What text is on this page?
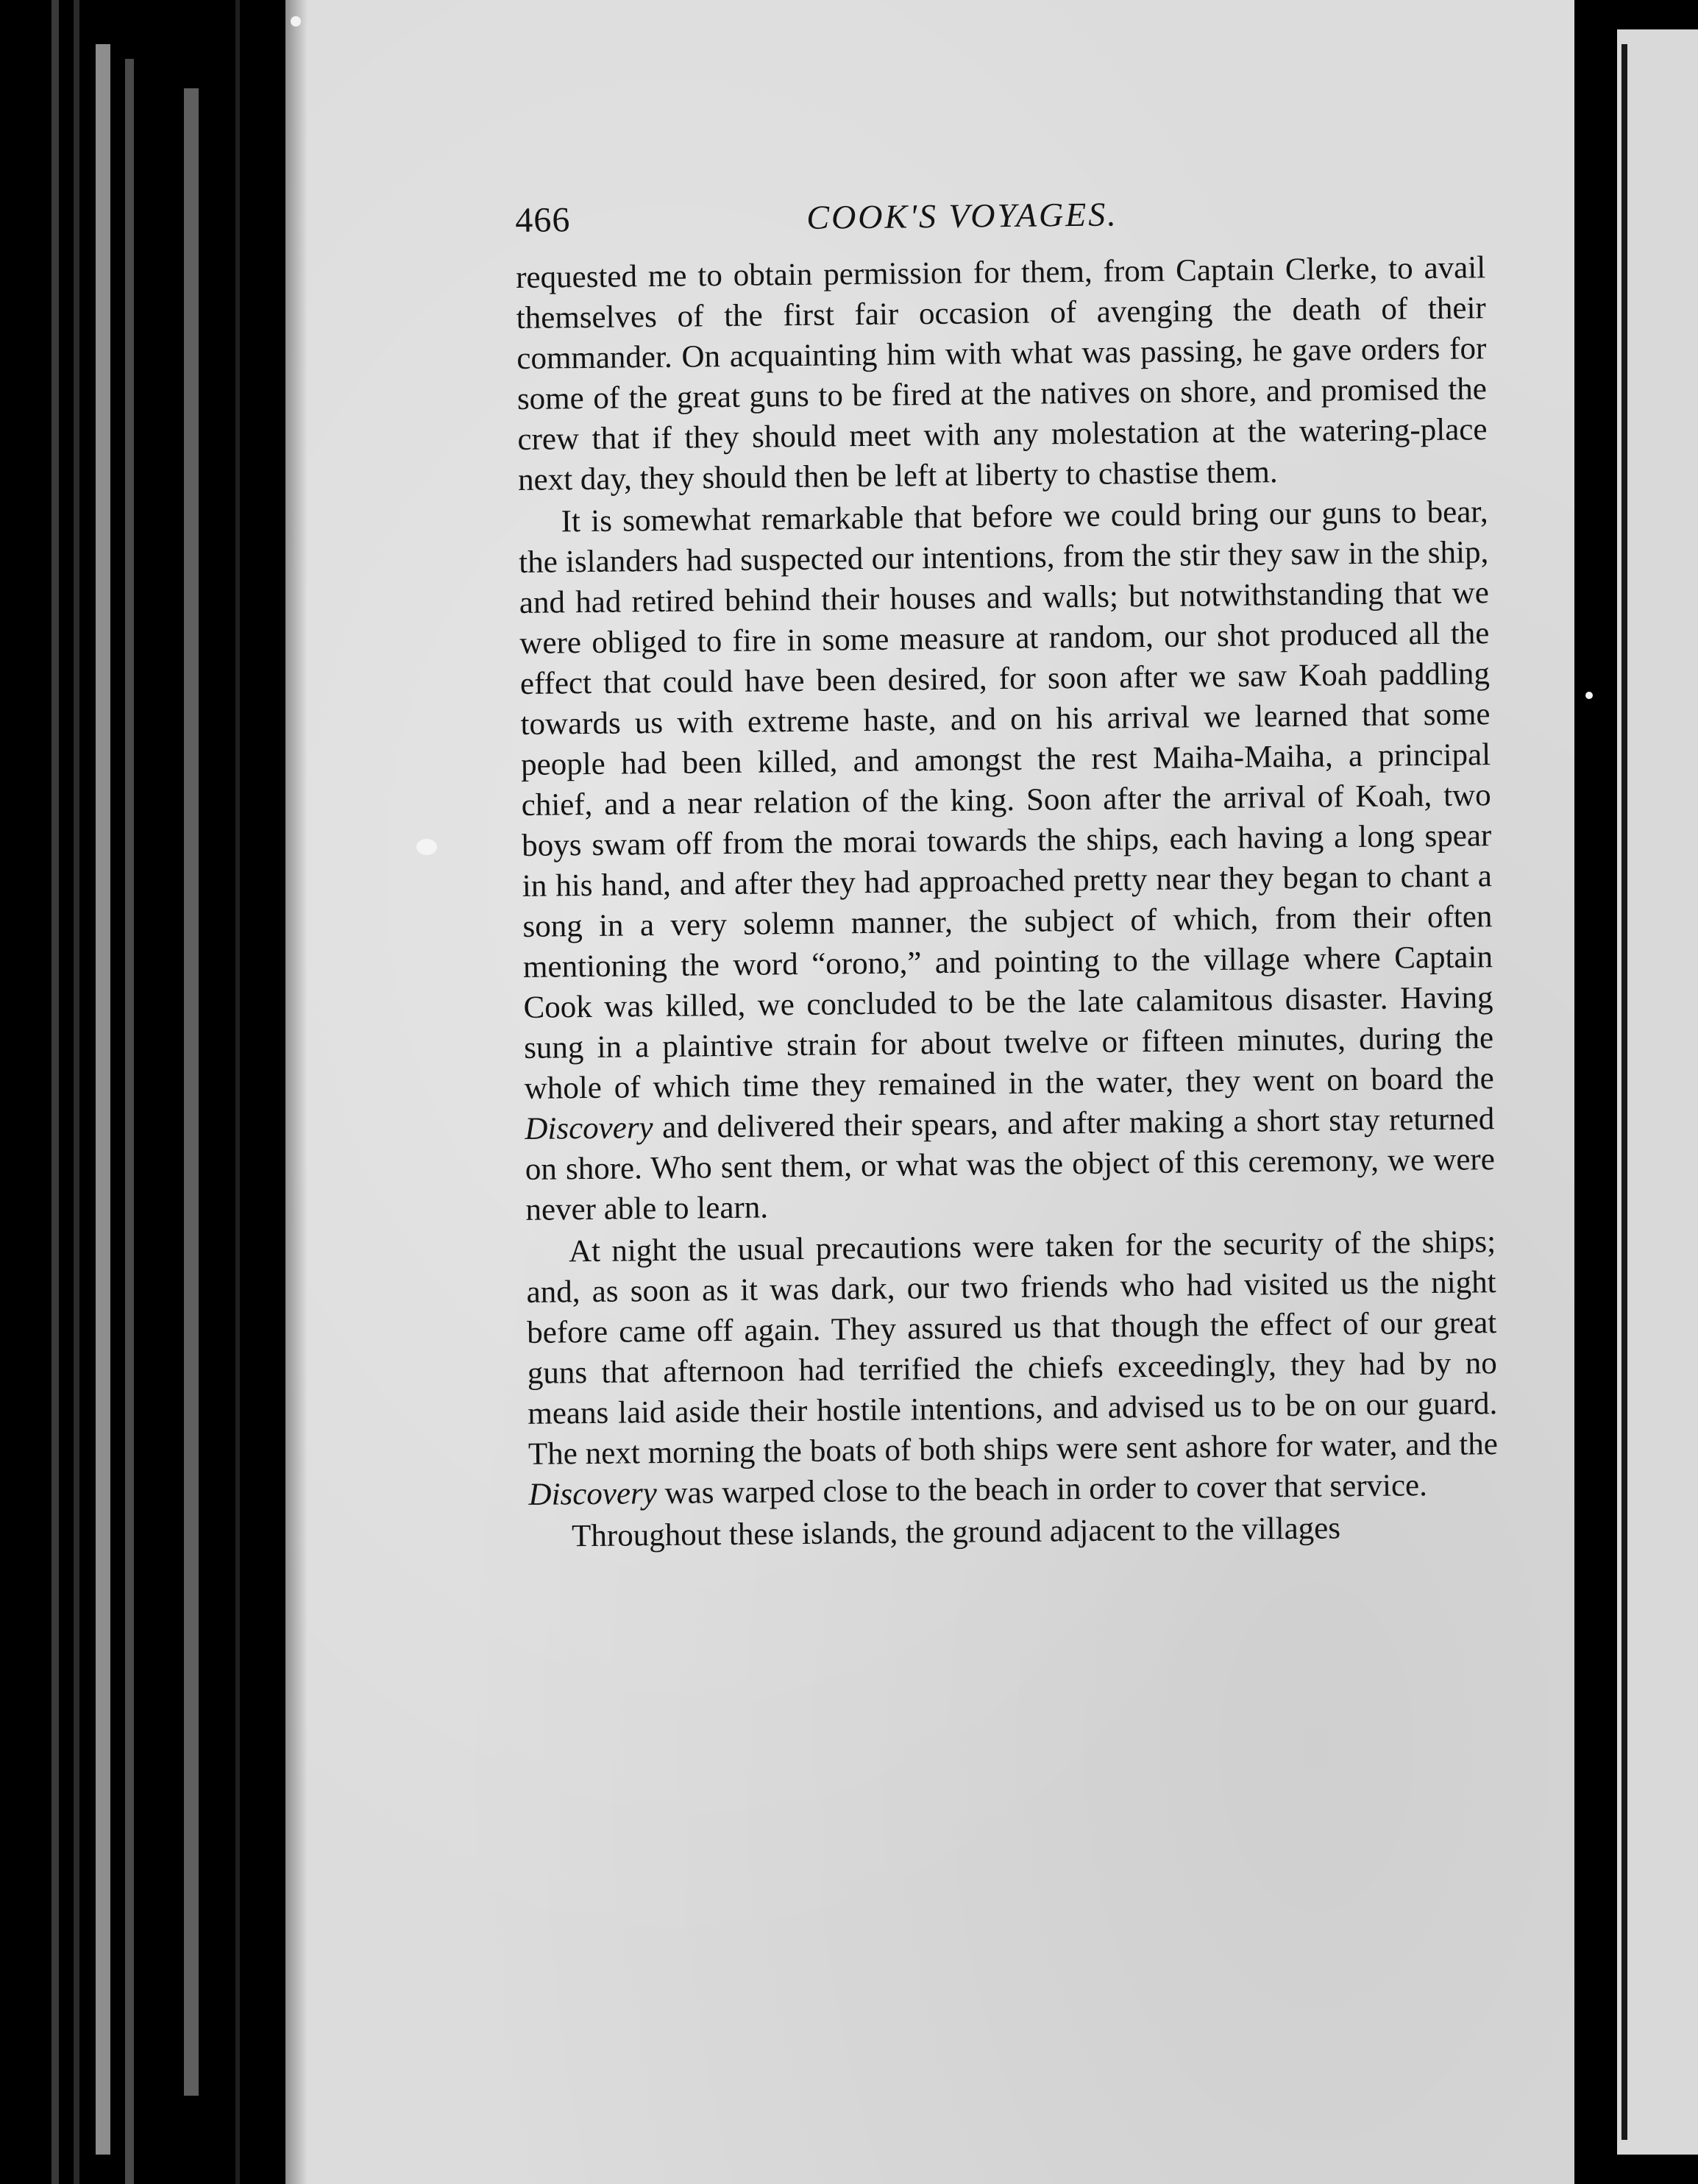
466	COOK'S VOYAGES.

requested me to obtain permission for them, from Captain Clerke, to avail themselves of the first fair occasion of avenging the death of their commander. On acquainting him with what was passing, he gave orders for some of the great guns to be fired at the natives on shore, and promised the crew that if they should meet with any molestation at the watering-place next day, they should then be left at liberty to chastise them.

It is somewhat remarkable that before we could bring our guns to bear, the islanders had suspected our intentions, from the stir they saw in the ship, and had retired behind their houses and walls; but notwithstanding that we were obliged to fire in some measure at random, our shot produced all the effect that could have been desired, for soon after we saw Koah paddling towards us with extreme haste, and on his arrival we learned that some people had been killed, and amongst the rest Maiha-Maiha, a principal chief, and a near relation of the king. Soon after the arrival of Koah, two boys swam off from the morai towards the ships, each having a long spear in his hand, and after they had approached pretty near they began to chant a song in a very solemn manner, the subject of which, from their often mentioning the word “orono,” and pointing to the village where Captain Cook was killed, we concluded to be the late calamitous disaster. Having sung in a plaintive strain for about twelve or fifteen minutes, during the whole of which time they remained in the water, they went on board the Discovery and delivered their spears, and after making a short stay returned on shore. Who sent them, or what was the object of this ceremony, we were never able to learn.

At night the usual precautions were taken for the security of the ships; and, as soon as it was dark, our two friends who had visited us the night before came off again. They assured us that though the effect of our great guns that afternoon had terrified the chiefs exceedingly, they had by no means laid aside their hostile intentions, and advised us to be on our guard. The next morning the boats of both ships were sent ashore for water, and the Discovery was warped close to the beach in order to cover that service.

Throughout these islands, the ground adjacent to the villages
